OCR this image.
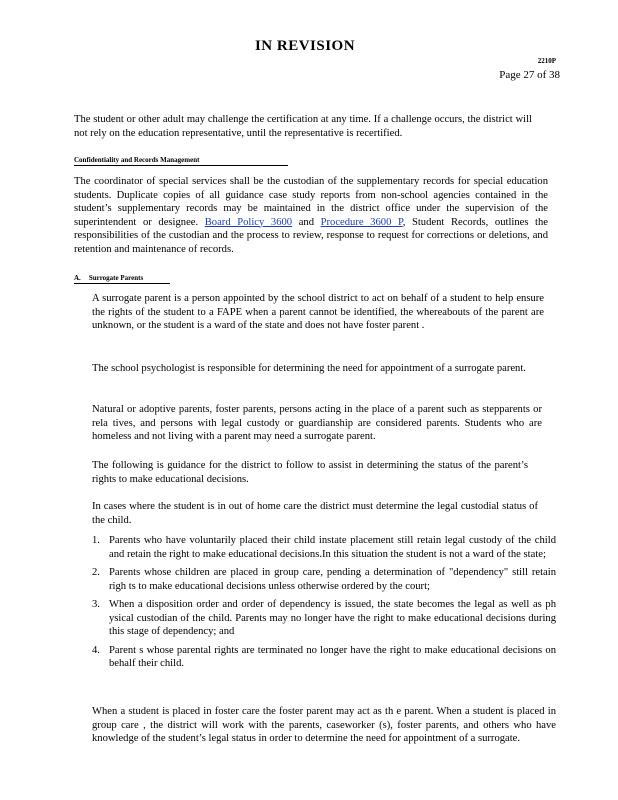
IN REVISION
2210P
Page 27 of 38
The student or other adult may challenge the certification at any time. If a challenge occurs, the district will not rely on the education representative, until the representative is recertified.
Confidentiality and Records Management
The coordinator of special services shall be the custodian of the supplementary records for special education students. Duplicate copies of all guidance case study reports from non-school agencies contained in the student’s supplementary records may be maintained in the district office under the supervision of the superintendent or designee. Board Policy 3600 and Procedure 3600 P, Student Records, outlines the responsibilities of the custodian and the process to review, response to request for corrections or deletions, and retention and maintenance of records.
A. Surrogate Parents
A surrogate parent is a person appointed by the school district to act on behalf of a student to help ensure the rights of the student to a FAPE when a parent cannot be identified, the whereabouts of the parent are unknown, or the student is a ward of the state and does not have foster parent .
The school psychologist is responsible for determining the need for appointment of a surrogate parent.
Natural or adoptive parents, foster parents, persons acting in the place of a parent such as stepparents or rela tives, and persons with legal custody or guardianship are considered parents. Students who are homeless and not living with a parent may need a surrogate parent.
The following is guidance for the district to follow to assist in determining the status of the parent’s rights to make educational decisions.
In cases where the student is in out of home care the district must determine the legal custodial status of the child.
1. Parents who have voluntarily placed their child instate placement still retain legal custody of the child and retain the right to make educational decisions.In this situation the student is not a ward of the state;
2. Parents whose children are placed in group care, pending a determination of "dependency" still retain righ ts to make educational decisions unless otherwise ordered by the court;
3. When a disposition order and order of dependency is issued, the state becomes the legal as well as ph ysical custodian of the child. Parents may no longer have the right to make educational decisions during this stage of dependency; and
4. Parent s whose parental rights are terminated no longer have the right to make educational decisions on behalf their child.
When a student is placed in foster care the foster parent may act as th e parent. When a student is placed in group care , the district will work with the parents, caseworker (s), foster parents, and others who have knowledge of the student’s legal status in order to determine the need for appointment of a surrogate.
